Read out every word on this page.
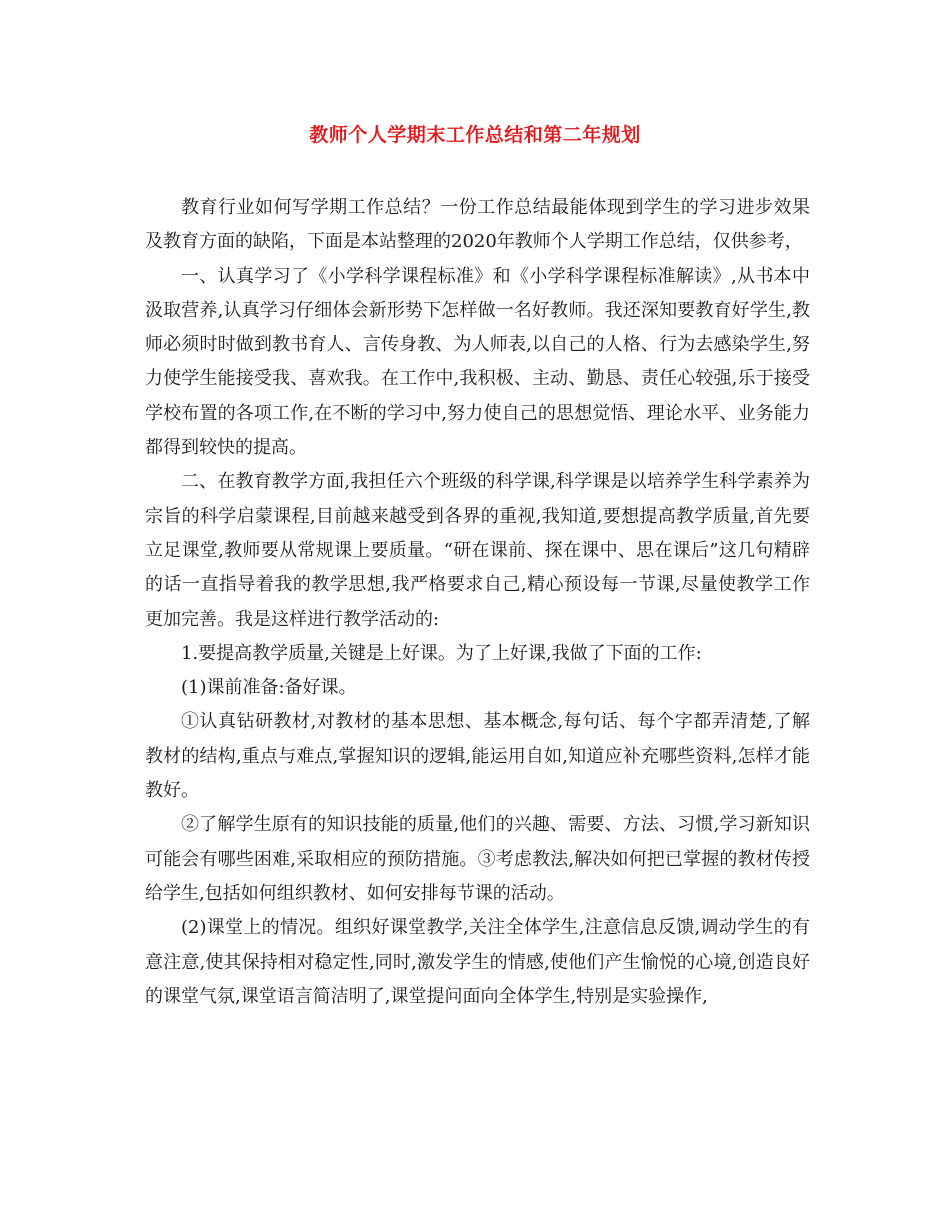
教师个人学期末工作总结和第二年规划

教育行业如何写学期工作总结？一份工作总结最能体现到学生的学习进步效果及教育方面的缺陷，下面是本站整理的2020年教师个人学期工作总结，仅供参考，

一、认真学习了《小学科学课程标准》和《小学科学课程标准解读》,从书本中汲取营养,认真学习仔细体会新形势下怎样做一名好教师。我还深知要教育好学生,教师必须时时做到教书育人、言传身教、为人师表,以自己的人格、行为去感染学生,努力使学生能接受我、喜欢我。在工作中,我积极、主动、勤恳、责任心较强,乐于接受学校布置的各项工作,在不断的学习中,努力使自己的思想觉悟、理论水平、业务能力都得到较快的提高。

二、在教育教学方面,我担任六个班级的科学课,科学课是以培养学生科学素养为宗旨的科学启蒙课程,目前越来越受到各界的重视,我知道,要想提高教学质量,首先要立足课堂,教师要从常规课上要质量。“研在课前、探在课中、思在课后”这几句精辟的话一直指导着我的教学思想,我严格要求自己,精心预设每一节课,尽量使教学工作更加完善。我是这样进行教学活动的:

1.要提高教学质量,关键是上好课。为了上好课,我做了下面的工作:

(1)课前准备:备好课。

①认真钻研教材,对教材的基本思想、基本概念,每句话、每个字都弄清楚,了解教材的结构,重点与难点,掌握知识的逻辑,能运用自如,知道应补充哪些资料,怎样才能教好。

②了解学生原有的知识技能的质量,他们的兴趣、需要、方法、习惯,学习新知识可能会有哪些困难,采取相应的预防措施。③考虑教法,解决如何把已掌握的教材传授给学生,包括如何组织教材、如何安排每节课的活动。

(2)课堂上的情况。组织好课堂教学,关注全体学生,注意信息反馈,调动学生的有意注意,使其保持相对稳定性,同时,激发学生的情感,使他们产生愉悦的心境,创造良好的课堂气氛,课堂语言简洁明了,课堂提问面向全体学生,特别是实验操作,
